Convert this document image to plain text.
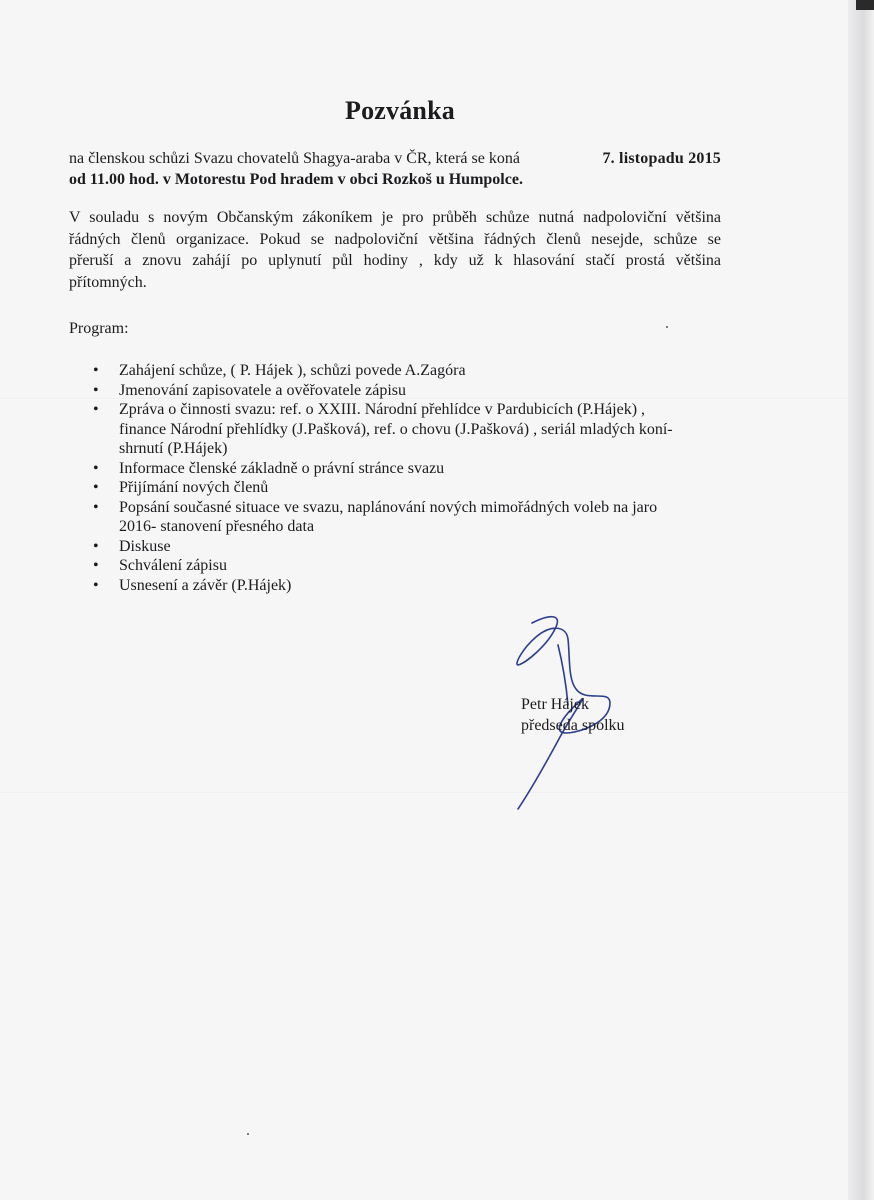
Pozvánka
na členskou schůzi Svazu chovatelů Shagya-araba v ČR, která se koná	7. listopadu 2015
od 11.00 hod. v Motorestu Pod hradem v obci Rozkoš u Humpolce.
V souladu s novým Občanským zákoníkem je pro průběh schůze nutná nadpoloviční většina
řádných členů organizace. Pokud se nadpoloviční většina řádných členů nesejde, schůze se
přeruší a znovu zahájí po uplynutí půl hodiny , kdy už k hlasování stačí prostá většina
přítomných.
Program:
• Zahájení schůze, ( P. Hájek ), schůzi povede A.Zagóra
• Jmenování zapisovatele a ověřovatele zápisu
• Zpráva o činnosti svazu: ref. o XXIII. Národní přehlídce v Pardubicích (P.Hájek) ,
finance Národní přehlídky (J.Pašková), ref. o chovu (J.Pašková) , seriál mladých koní-
shrnutí (P.Hájek)
• Informace členské základně o právní stránce svazu
• Přijímání nových členů
• Popsání současné situace ve svazu, naplánování nových mimořádných voleb na jaro
2016- stanovení přesného data
• Diskuse
• Schválení zápisu
• Usnesení a závěr (P.Hájek)
Petr Hájek
předseda spolku
